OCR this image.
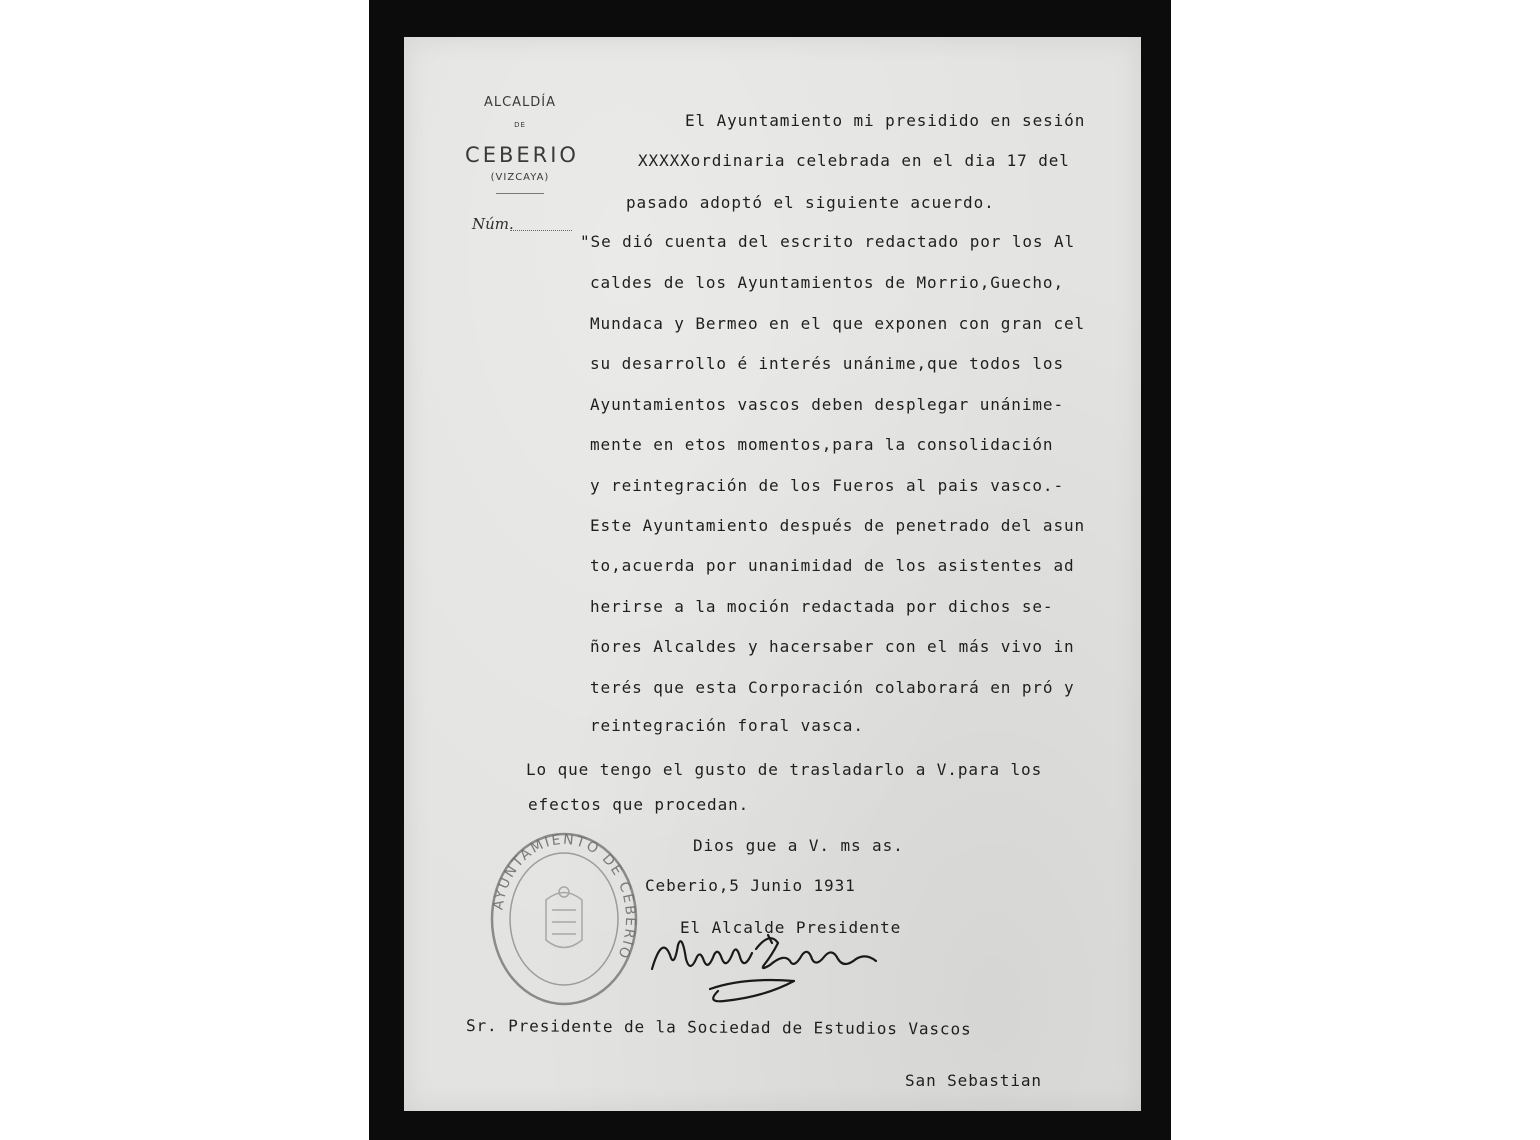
ALCALDÍA
DE
CEBERIO
(VIZCAYA)
Núm.
El Ayuntamiento mi presidido en sesión
XXXXXordinaria celebrada en el dia 17 del
pasado adoptó el siguiente acuerdo.
"Se dió cuenta del escrito redactado por los Al
caldes de los Ayuntamientos de Morrio,Guecho,
Mundaca y Bermeo en el que exponen con gran cel
su desarrollo é interés unánime,que todos los
Ayuntamientos vascos deben desplegar unánime-
mente en etos momentos,para la consolidación
y reintegración de los Fueros al pais vasco.-
Este Ayuntamiento después de penetrado del asun
to,acuerda por unanimidad de los asistentes ad
herirse a la moción redactada por dichos se-
ñores Alcaldes y hacersaber con el más vivo in
terés que esta Corporación colaborará en pró y
reintegración foral vasca.
Lo que tengo el gusto de trasladarlo a V.para los
efectos que procedan.
Dios gue a V. ms as.
Ceberio,5 Junio 1931
El Alcalde Presidente
Sr. Presidente de la Sociedad de Estudios Vascos
San Sebastian
AYUNTAMIENTO DE CEBERIO
